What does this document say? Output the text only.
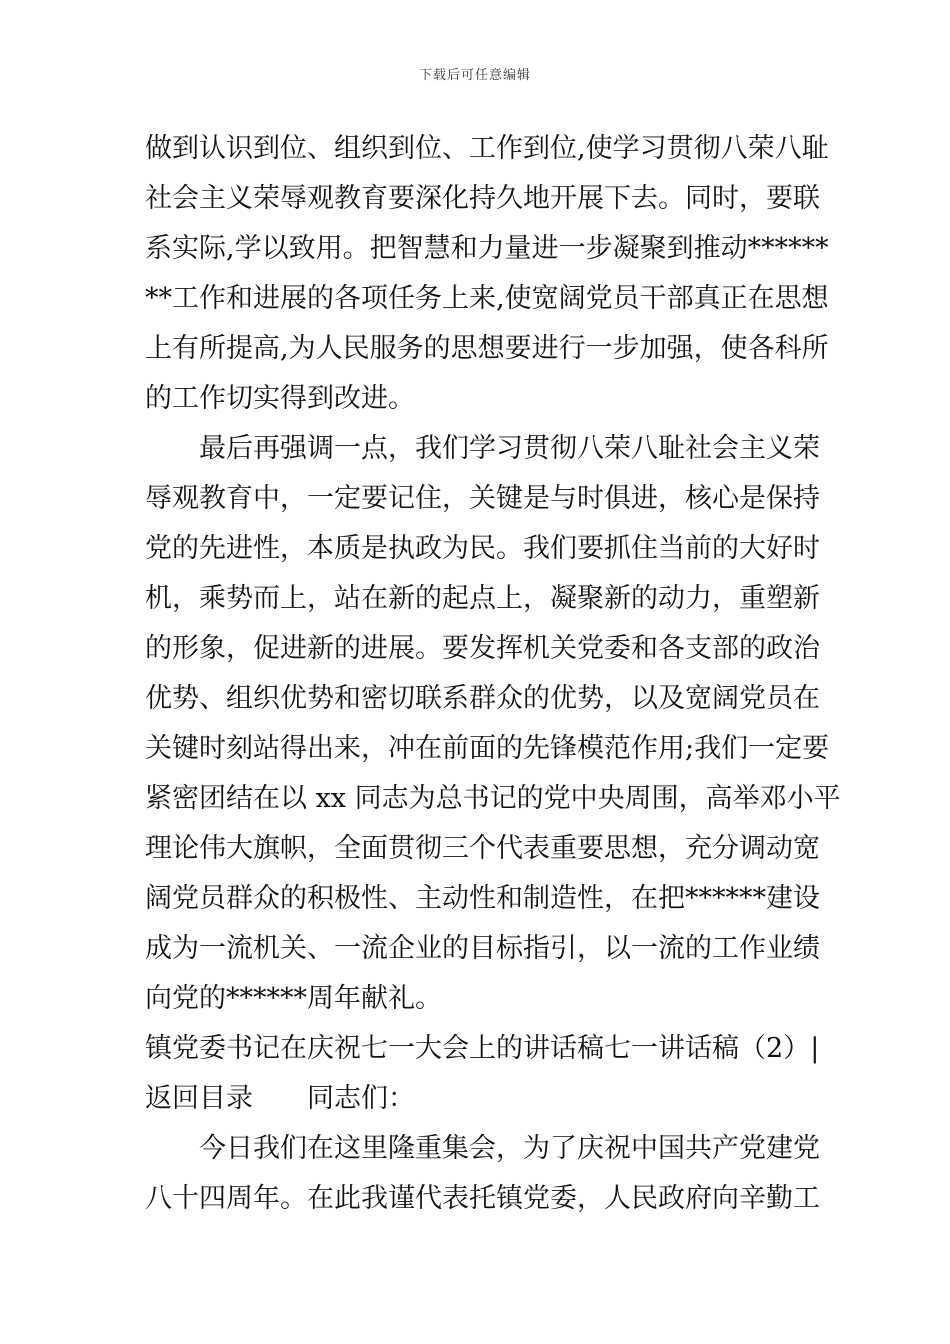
下载后可任意编辑
做到认识到位、组织到位、工作到位,使学习贯彻八荣八耻
社会主义荣辱观教育要深化持久地开展下去。同时，要联
系实际,学以致用。把智慧和力量进一步凝聚到推动******
**工作和进展的各项任务上来,使宽阔党员干部真正在思想
上有所提高,为人民服务的思想要进行一步加强，使各科所
的工作切实得到改进。
　　最后再强调一点，我们学习贯彻八荣八耻社会主义荣
辱观教育中，一定要记住，关键是与时俱进，核心是保持
党的先进性，本质是执政为民。我们要抓住当前的大好时
机，乘势而上，站在新的起点上，凝聚新的动力，重塑新
的形象，促进新的进展。要发挥机关党委和各支部的政治
优势、组织优势和密切联系群众的优势，以及宽阔党员在
关键时刻站得出来，冲在前面的先锋模范作用;我们一定要
紧密团结在以 xx 同志为总书记的党中央周围，高举邓小平
理论伟大旗帜，全面贯彻三个代表重要思想，充分调动宽
阔党员群众的积极性、主动性和制造性，在把******建设
成为一流机关、一流企业的目标指引，以一流的工作业绩
向党的******周年献礼。
镇党委书记在庆祝七一大会上的讲话稿七一讲话稿（2） |
返回目录 同志们：
　　今日我们在这里隆重集会，为了庆祝中国共产党建党
八十四周年。在此我谨代表托镇党委，人民政府向辛勤工
